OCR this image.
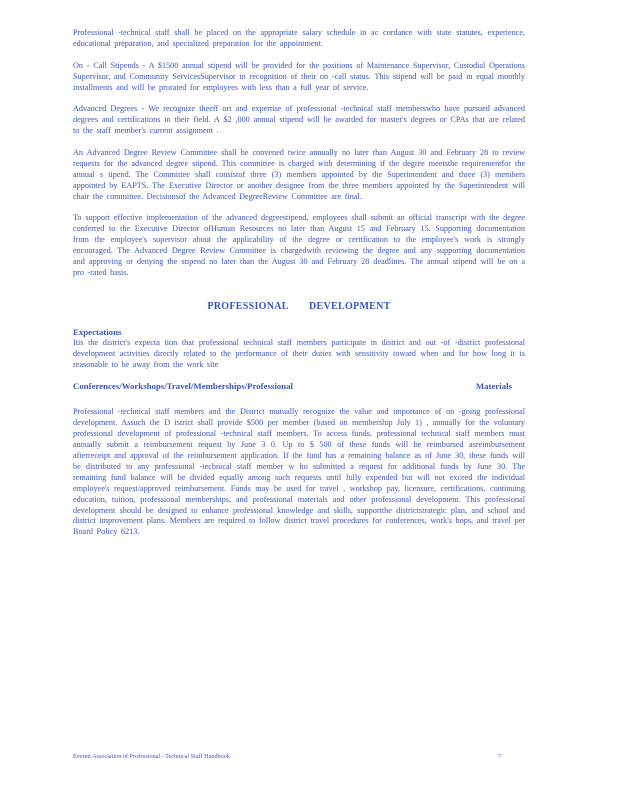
Professional -technical staff shall be placed on the appropriate salary schedule in ac cordance with state statutes, experience, educational preparation, and specialized preparation for the appointment.

On - Call Stipends - A $1500 annual stipend will be provided for the positions of Maintenance Supervisor, Custodial Operations Supervisor, and Community ServicesSupervisor in recognition of their on -call status. This stipend will be paid in equal monthly installments and will be prorated for employees with less than a full year of service.

Advanced Degrees - We recognize theeff ort and expertise of professional -technical staff memberswho have pursued advanced degrees and certifications in their field. A $2 ,000 annual stipend will be awarded for master's degrees or CPAs that are related to the staff member's current assignment .

An Advanced Degree Review Committee shall be convened twice annually no later than August 30 and February 28 to review requests for the advanced degree stipend. This committee is charged with determining if the degree meetsthe requirementfor the annual s tipend. The Committee shall consistof three (3) members appointed by the Superintendent and three (3) members appointed by EAPTS. The Executive Director or another designee from the three members appointed by the Superintendent will chair the committee. Decisionsof the Advanced DegreeReview Committee are final.

To support effective implementation of the advanced degreestipend, employees shall submit an official transcript with the degree conferred to the Executive Director ofHuman Resources no later than August 15 and February 15. Supporting documentation from the employee's supervisor about the applicability of the degree or certification to the employee's work is strongly encouraged. The Advanced Degree Review Committee is chargedwith reviewing the degree and any supporting documentation and approving or denying the stipend no later than the August 30 and February 28 deadlines. The annual stipend will be on a pro -rated basis.

PROFESSIONAL DEVELOPMENT
Expectations

Itis the district's expecta tion that professional technical staff members participate in district and out -of -district professional development activities directly related to the performance of their duties with sensitivity toward when and for how long it is reasonable to be away from the work site

Conferences/Workshops/Travel/Memberships/Professional	Materials

Professional -technical staff members and the District mutually recognize the value and importance of on -going professional development. Assuch the D istrict shall provide $500 per member (based on membership July 1) , annually for the voluntary professional development of professional -technical staff members. To access funds, professional technical staff members must annually submit a reimbursement request by June 3 0. Up to $ 500 of these funds will be reimbursed asreimbursement afterreceipt and approval of the reimbursement application. If the fund has a remaining balance as of June 30, these funds will be distributed to any professional -technical staff member w ho submitted a request for additional funds by June 30. The remaining fund balance will be divided equally among such requests until fully expended but will not exceed the individual employee's request/approved reimbursement. Funds may be used for travel , workshop pay, licensure, certifications, continuing education, tuition, professional memberships, and professional materials and other professional development. This professional development should be designed to enhance professional knowledge and skills, supportthe districtstrategic plan, and school and district improvement plans. Members are required to follow district travel procedures for conferences, work's hops, and travel per Board Policy 6213.

Everett Association of Professional - Technical Staff Handbook	7
